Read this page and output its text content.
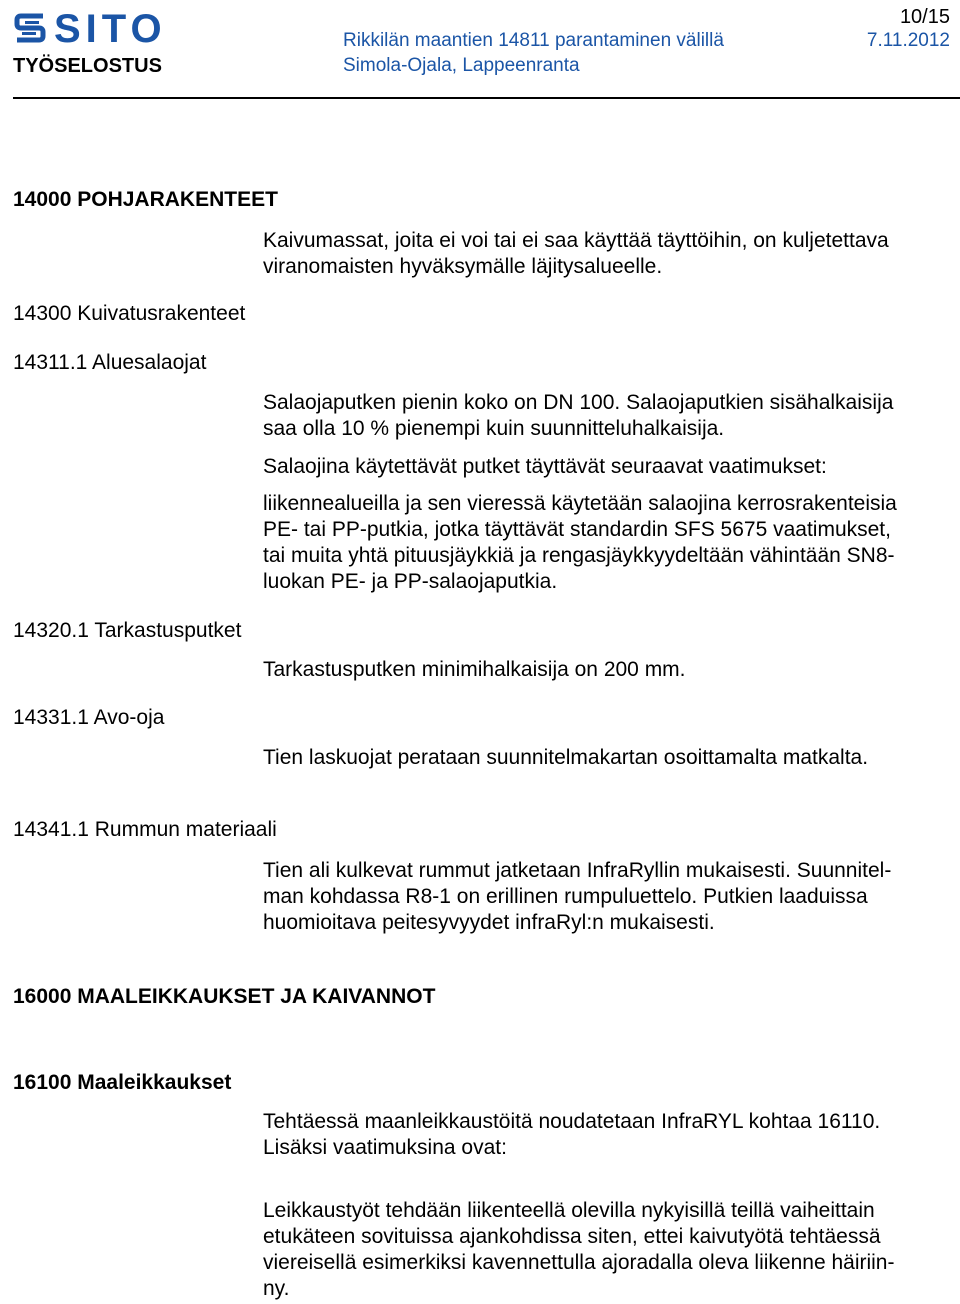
SITO
TYÖSELOSTUS
Rikkilän maantien 14811 parantaminen välillä
Simola-Ojala, Lappeenranta
10/15
7.11.2012
14000 POHJARAKENTEET
Kaivumassat, joita ei voi tai ei saa käyttää täyttöihin, on kuljetettava
viranomaisten hyväksymälle läjitysalueelle.
14300 Kuivatusrakenteet
14311.1 Aluesalaojat
Salaojaputken pienin koko on DN 100. Salaojaputkien sisähalkaisija
saa olla 10 % pienempi kuin suunnitteluhalkaisija.
Salaojina käytettävät putket täyttävät seuraavat vaatimukset:
liikennealueilla ja sen vieressä käytetään salaojina kerrosrakenteisia
PE- tai PP-putkia, jotka täyttävät standardin SFS 5675 vaatimukset,
tai muita yhtä pituusjäykkiä ja rengasjäykkyydeltään vähintään SN8-
luokan PE- ja PP-salaojaputkia.
14320.1 Tarkastusputket
Tarkastusputken minimihalkaisija on 200 mm.
14331.1 Avo-oja
Tien laskuojat perataan suunnitelmakartan osoittamalta matkalta.
14341.1 Rummun materiaali
Tien ali kulkevat rummut jatketaan InfraRyllin mukaisesti. Suunnitel-
man kohdassa R8-1 on erillinen rumpuluettelo. Putkien laaduissa
huomioitava peitesyvyydet infraRyl:n mukaisesti.
16000 MAALEIKKAUKSET JA KAIVANNOT
16100 Maaleikkaukset
Tehtäessä maanleikkaustöitä noudatetaan InfraRYL kohtaa 16110.
Lisäksi vaatimuksina ovat:
Leikkaustyöt tehdään liikenteellä olevilla nykyisillä teillä vaiheittain
etukäteen sovituissa ajankohdissa siten, ettei kaivutyötä tehtäessä
viereisellä esimerkiksi kavennettulla ajoradalla oleva liikenne häiriin-
ny.
